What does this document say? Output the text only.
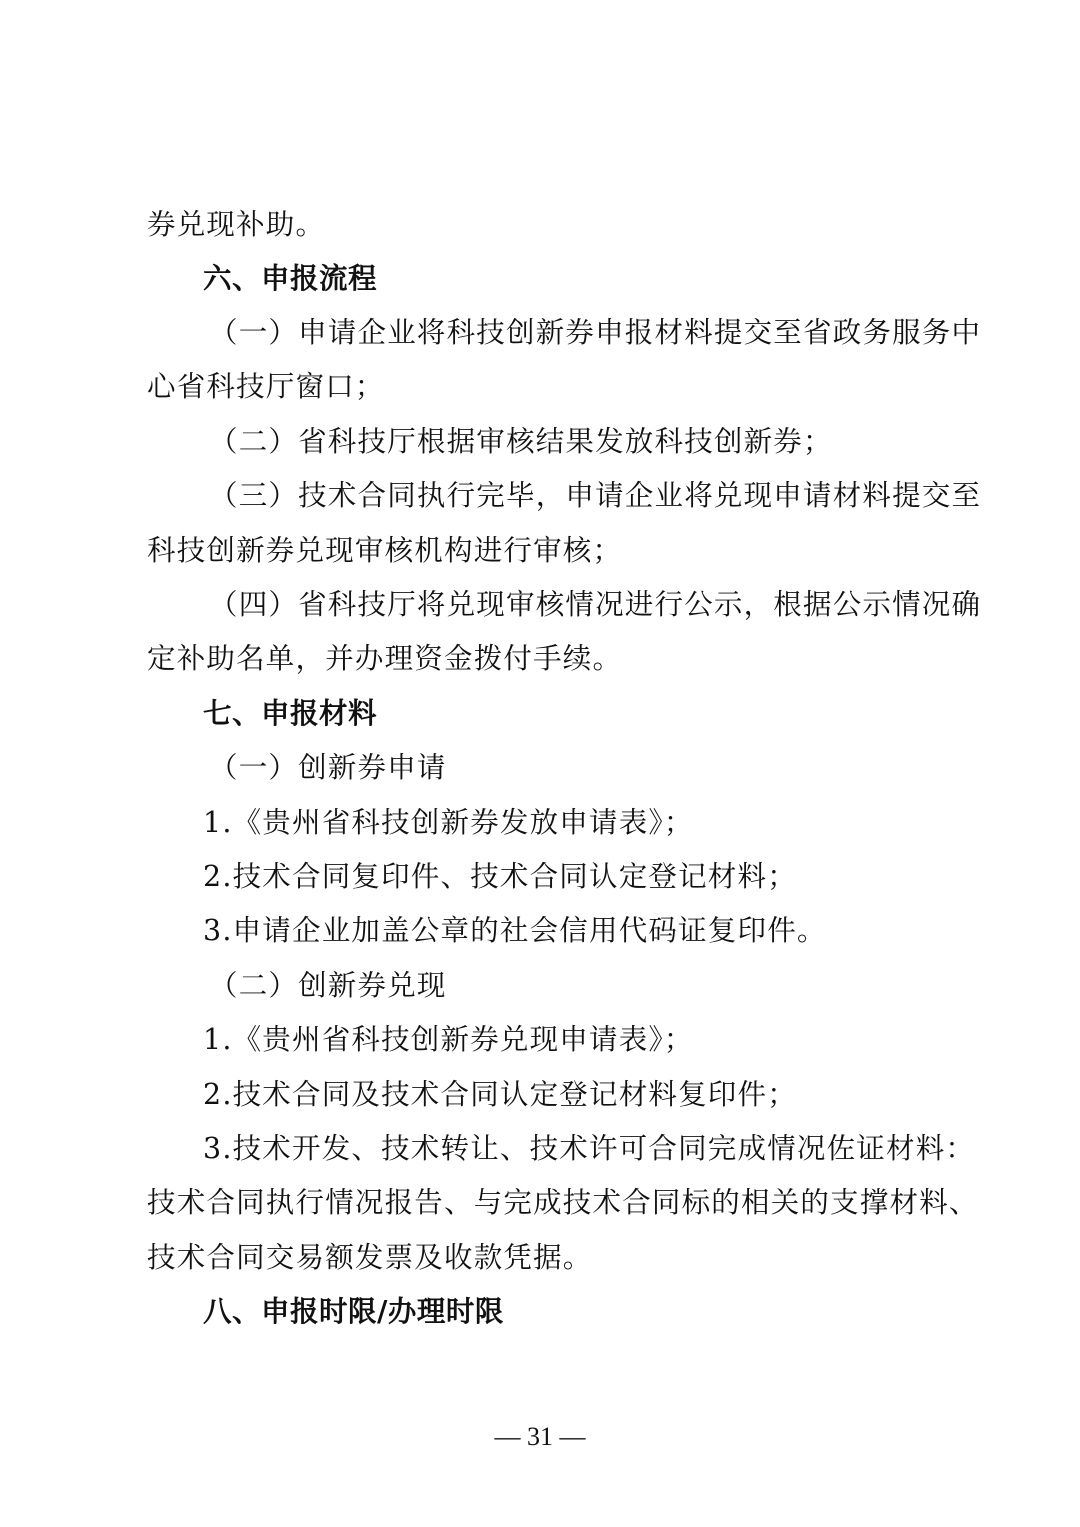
券兑现补助。
六、申报流程
（一）申请企业将科技创新券申报材料提交至省政务服务中
心省科技厅窗口；
（二）省科技厅根据审核结果发放科技创新券；
（三）技术合同执行完毕，申请企业将兑现申请材料提交至
科技创新券兑现审核机构进行审核；
（四）省科技厅将兑现审核情况进行公示，根据公示情况确
定补助名单，并办理资金拨付手续。
七、申报材料
（一）创新券申请
1.《贵州省科技创新券发放申请表》；
2.技术合同复印件、技术合同认定登记材料；
3.申请企业加盖公章的社会信用代码证复印件。
（二）创新券兑现
1.《贵州省科技创新券兑现申请表》；
2.技术合同及技术合同认定登记材料复印件；
3.技术开发、技术转让、技术许可合同完成情况佐证材料：
技术合同执行情况报告、与完成技术合同标的相关的支撑材料、
技术合同交易额发票及收款凭据。
八、申报时限/办理时限
— 31 —
